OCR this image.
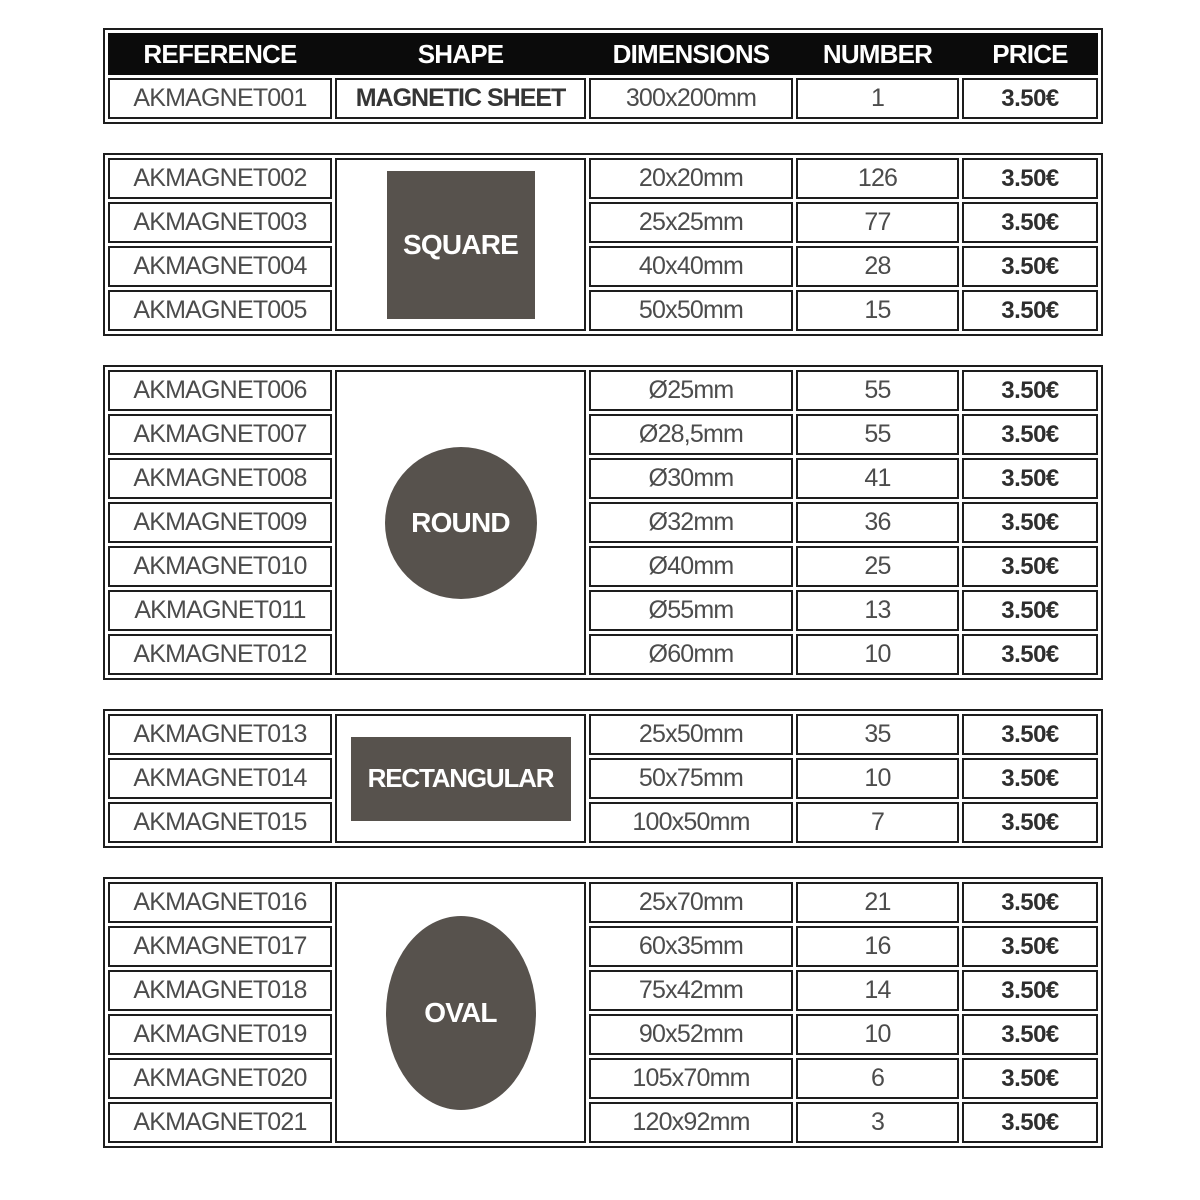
REFERENCE	SHAPE	DIMENSIONS	NUMBER	PRICE
AKMAGNET001	MAGNETIC SHEET	300x200mm	1	3.50€
SQUARE
AKMAGNET002	20x20mm	126	3.50€
AKMAGNET003	25x25mm	77	3.50€
AKMAGNET004	40x40mm	28	3.50€
AKMAGNET005	50x50mm	15	3.50€
ROUND
AKMAGNET006	Ø25mm	55	3.50€
AKMAGNET007	Ø28,5mm	55	3.50€
AKMAGNET008	Ø30mm	41	3.50€
AKMAGNET009	Ø32mm	36	3.50€
AKMAGNET010	Ø40mm	25	3.50€
AKMAGNET011	Ø55mm	13	3.50€
AKMAGNET012	Ø60mm	10	3.50€
RECTANGULAR
AKMAGNET013	25x50mm	35	3.50€
AKMAGNET014	50x75mm	10	3.50€
AKMAGNET015	100x50mm	7	3.50€
OVAL
AKMAGNET016	25x70mm	21	3.50€
AKMAGNET017	60x35mm	16	3.50€
AKMAGNET018	75x42mm	14	3.50€
AKMAGNET019	90x52mm	10	3.50€
AKMAGNET020	105x70mm	6	3.50€
AKMAGNET021	120x92mm	3	3.50€
